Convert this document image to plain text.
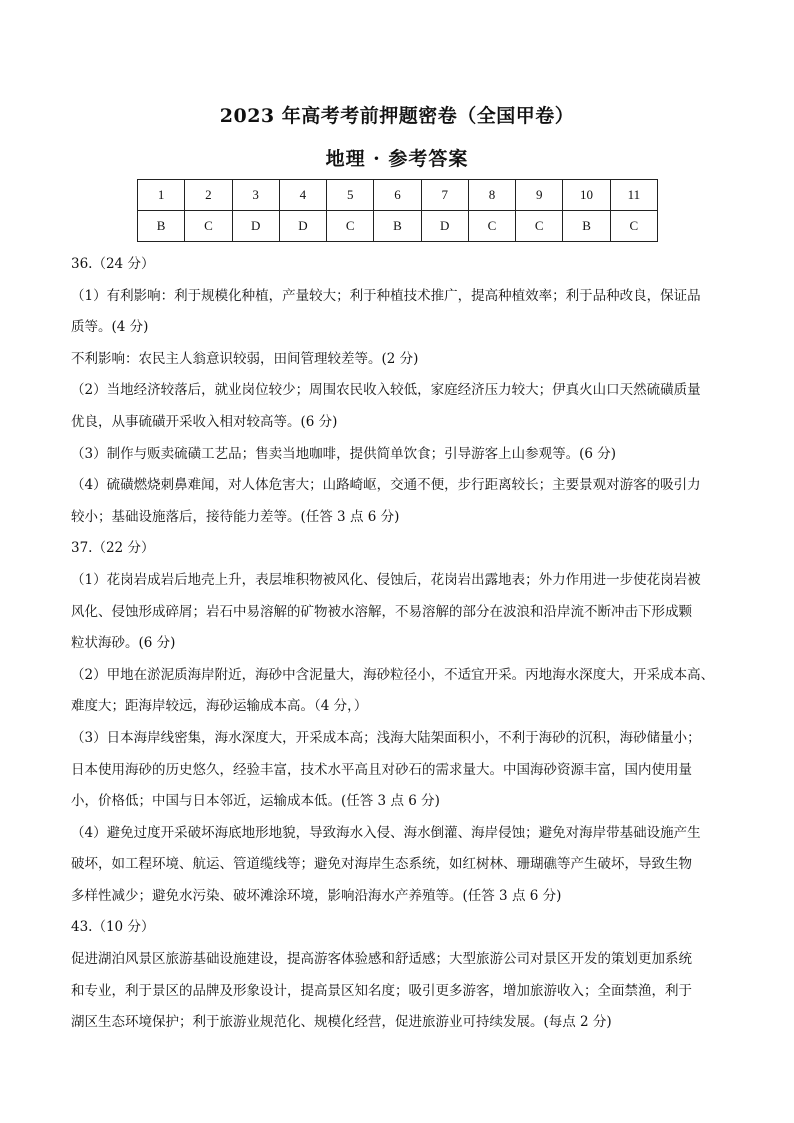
2023 年高考考前押题密卷（全国甲卷）
地理 · 参考答案
1	2	3	4	5	6	7	8	9	10	11
B	C	D	D	C	B	D	C	C	B	C

36.（24 分）

（1）有利影响：利于规模化种植，产量较大；利于种植技术推广，提高种植效率；利于品种改良，保证品

质等。(4 分)

不利影响：农民主人翁意识较弱，田间管理较差等。(2 分)

（2）当地经济较落后，就业岗位较少；周围农民收入较低，家庭经济压力较大；伊真火山口天然硫磺质量

优良，从事硫磺开采收入相对较高等。(6 分)

（3）制作与贩卖硫磺工艺品；售卖当地咖啡，提供简单饮食；引导游客上山参观等。(6 分)

（4）硫磺燃烧刺鼻难闻，对人体危害大；山路崎岖，交通不便，步行距离较长；主要景观对游客的吸引力

较小；基础设施落后，接待能力差等。(任答 3 点 6 分)

37.（22 分）

（1）花岗岩成岩后地壳上升，表层堆积物被风化、侵蚀后，花岗岩出露地表；外力作用进一步使花岗岩被

风化、侵蚀形成碎屑；岩石中易溶解的矿物被水溶解，不易溶解的部分在波浪和沿岸流不断冲击下形成颗

粒状海砂。(6 分)

（2）甲地在淤泥质海岸附近，海砂中含泥量大，海砂粒径小，不适宜开采。丙地海水深度大，开采成本高、

难度大；距海岸较远，海砂运输成本高。（4 分，）

（3）日本海岸线密集，海水深度大，开采成本高；浅海大陆架面积小，不利于海砂的沉积，海砂储量小；

日本使用海砂的历史悠久，经验丰富，技术水平高且对砂石的需求量大。中国海砂资源丰富，国内使用量

小，价格低；中国与日本邻近，运输成本低。(任答 3 点 6 分)

（4）避免过度开采破坏海底地形地貌，导致海水入侵、海水倒灌、海岸侵蚀；避免对海岸带基础设施产生

破坏，如工程环境、航运、管道缆线等；避免对海岸生态系统，如红树林、珊瑚礁等产生破坏，导致生物

多样性减少；避免水污染、破坏滩涂环境，影响沿海水产养殖等。(任答 3 点 6 分)

43.（10 分）

促进湖泊风景区旅游基础设施建设，提高游客体验感和舒适感；大型旅游公司对景区开发的策划更加系统

和专业，利于景区的品牌及形象设计，提高景区知名度；吸引更多游客，增加旅游收入；全面禁渔，利于

湖区生态环境保护；利于旅游业规范化、规模化经营，促进旅游业可持续发展。(每点 2 分)
